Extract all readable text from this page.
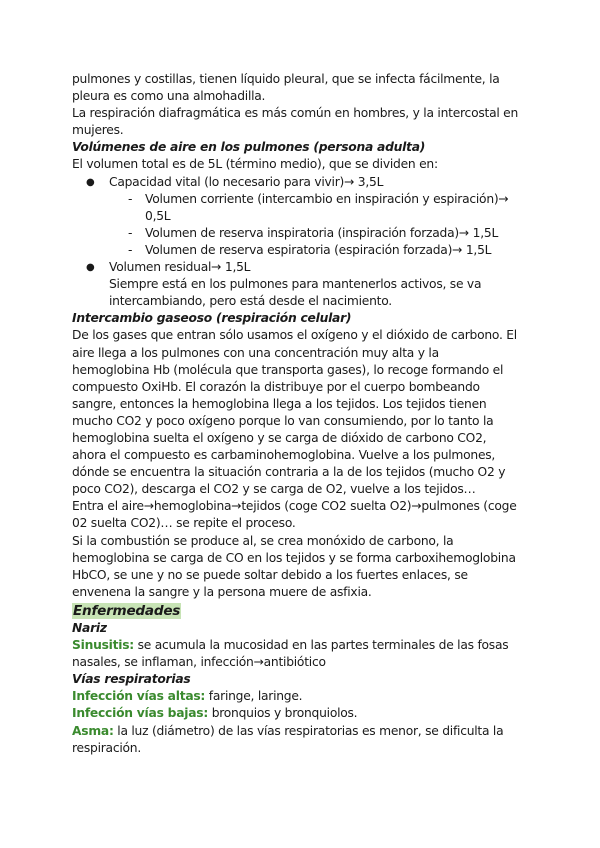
pulmones y costillas, tienen líquido pleural, que se infecta fácilmente, la

pleura es como una almohadilla.

La respiración diafragmática es más común en hombres, y la intercostal en

mujeres.

Volúmenes de aire en los pulmones (persona adulta)

El volumen total es de 5L (término medio), que se dividen en:

● Capacidad vital (lo necesario para vivir)→ 3,5L
- Volumen corriente (intercambio en inspiración y espiración)→
0,5L
- Volumen de reserva inspiratoria (inspiración forzada)→ 1,5L
- Volumen de reserva espiratoria (espiración forzada)→ 1,5L
● Volumen residual→ 1,5L

Siempre está en los pulmones para mantenerlos activos, se va

intercambiando, pero está desde el nacimiento.

Intercambio gaseoso (respiración celular)

De los gases que entran sólo usamos el oxígeno y el dióxido de carbono. El

aire llega a los pulmones con una concentración muy alta y la

hemoglobina Hb (molécula que transporta gases), lo recoge formando el

compuesto OxiHb. El corazón la distribuye por el cuerpo bombeando

sangre, entonces la hemoglobina llega a los tejidos. Los tejidos tienen

mucho CO2 y poco oxígeno porque lo van consumiendo, por lo tanto la

hemoglobina suelta el oxígeno y se carga de dióxido de carbono CO2,

ahora el compuesto es carbaminohemoglobina. Vuelve a los pulmones,

dónde se encuentra la situación contraria a la de los tejidos (mucho O2 y

poco CO2), descarga el CO2 y se carga de O2, vuelve a los tejidos…

Entra el aire→hemoglobina→tejidos (coge CO2 suelta O2)→pulmones (coge

02 suelta CO2)… se repite el proceso.

Si la combustión se produce al, se crea monóxido de carbono, la

hemoglobina se carga de CO en los tejidos y se forma carboxihemoglobina

HbCO, se une y no se puede soltar debido a los fuertes enlaces, se

envenena la sangre y la persona muere de asfixia.

Enfermedades

Nariz

Sinusitis: se acumula la mucosidad en las partes terminales de las fosas

nasales, se inflaman, infección→antibiótico

Vías respiratorias

Infección vías altas: faringe, laringe.

Infección vías bajas: bronquios y bronquiolos.

Asma: la luz (diámetro) de las vías respiratorias es menor, se dificulta la

respiración.
